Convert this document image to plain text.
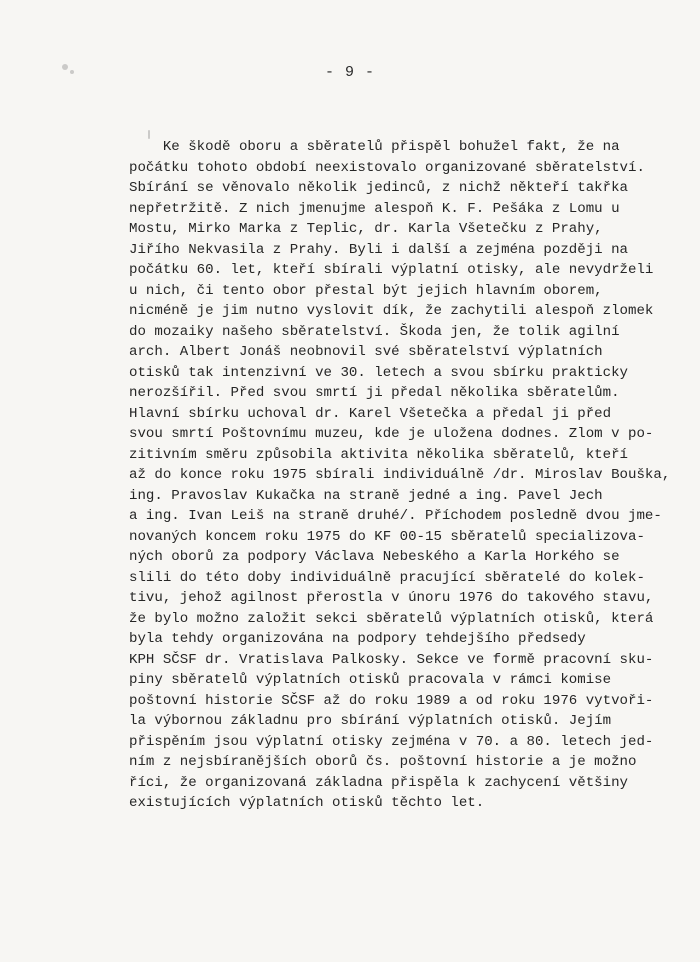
- 9 -
Ke škodě oboru a sběratelů přispěl bohužel fakt, že na
počátku tohoto období neexistovalo organizované sběratelství.
Sbírání se věnovalo několik jedinců, z nichž někteří takřka
nepřetržitě. Z nich jmenujme alespoň K. F. Pešáka z Lomu u
Mostu, Mirko Marka z Teplic, dr. Karla Všetečku z Prahy,
Jiřího Nekvasila z Prahy. Byli i další a zejména později na
počátku 60. let, kteří sbírali výplatní otisky, ale nevydrželi
u nich, či tento obor přestal být jejich hlavním oborem,
nicméně je jim nutno vyslovit dík, že zachytili alespoň zlomek
do mozaiky našeho sběratelství. Škoda jen, že tolik agilní
arch. Albert Jonáš neobnovil své sběratelství výplatních
otisků tak intenzivní ve 30. letech a svou sbírku prakticky
nerozšířil. Před svou smrtí ji předal několika sběratelům.
Hlavní sbírku uchoval dr. Karel Všetečka a předal ji před
svou smrtí Poštovnímu muzeu, kde je uložena dodnes. Zlom v po-
zitivním směru způsobila aktivita několika sběratelů, kteří
až do konce roku 1975 sbírali individuálně /dr. Miroslav Bouška,
ing. Pravoslav Kukačka na straně jedné a ing. Pavel Jech
a ing. Ivan Leiš na straně druhé/. Příchodem posledně dvou jme-
novaných koncem roku 1975 do KF 00-15 sběratelů specializova-
ných oborů za podpory Václava Nebeského a Karla Horkého se
slili do této doby individuálně pracující sběratelé do kolek-
tivu, jehož agilnost přerostla v únoru 1976 do takového stavu,
že bylo možno založit sekci sběratelů výplatních otisků, která
byla tehdy organizována na podpory tehdejšího předsedy
KPH SČSF dr. Vratislava Palkosky. Sekce ve formě pracovní sku-
piny sběratelů výplatních otisků pracovala v rámci komise
poštovní historie SČSF až do roku 1989 a od roku 1976 vytvoři-
la výbornou základnu pro sbírání výplatních otisků. Jejím
přispěním jsou výplatní otisky zejména v 70. a 80. letech jed-
ním z nejsbíranějších oborů čs. poštovní historie a je možno
říci, že organizovaná základna přispěla k zachycení většiny
existujících výplatních otisků těchto let.
